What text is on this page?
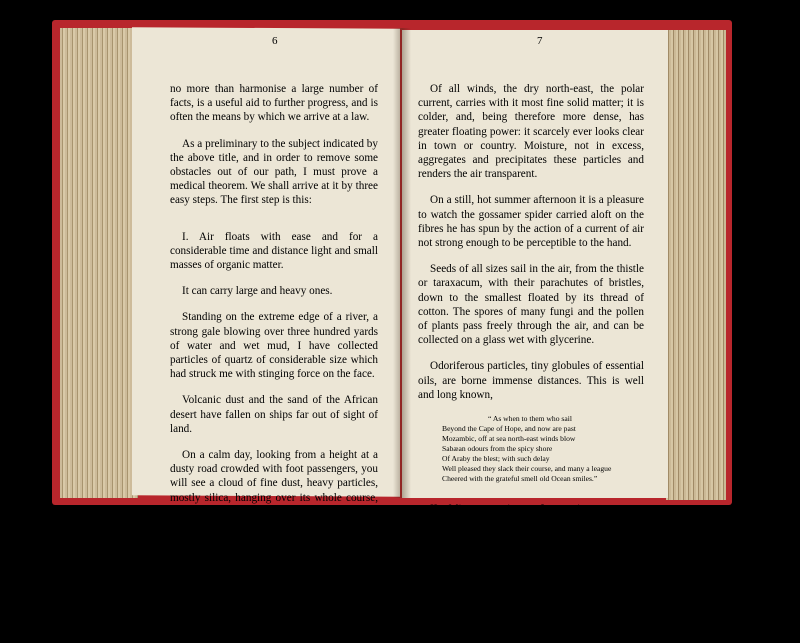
6	7

no more than harmonise a large number of facts, is a useful aid to further progress, and is often the means by which we arrive at a law.

As a preliminary to the subject indicated by the above title, and in order to remove some obstacles out of our path, I must prove a medical theorem. We shall arrive at it by three easy steps. The first step is this:

I. Air floats with ease and for a considerable time and distance light and small masses of organic matter.

It can carry large and heavy ones.

Standing on the extreme edge of a river, a strong gale blowing over three hundred yards of water and wet mud, I have collected particles of quartz of considerable size which had struck me with stinging force on the face.

Volcanic dust and the sand of the African desert have fallen on ships far out of sight of land.

On a calm day, looking from a height at a dusty road crowded with foot passengers, you will see a cloud of fine dust, heavy particles, mostly silica, hanging over its whole course, and still more so if there are horses and wheels. The dust on the grass and hedges near roads and footpaths tells the same tale.

From a hill-top, when there is a gentle breeze and the air is clear, observe the smoke of a village trailing miles away; it will not be doubted that the smoke consists of solid particles.

Of all winds, the dry north-east, the polar current, carries with it most fine solid matter; it is colder, and, being therefore more dense, has greater floating power: it scarcely ever looks clear in town or country. Moisture, not in excess, aggregates and precipitates these particles and renders the air transparent.

On a still, hot summer afternoon it is a pleasure to watch the gossamer spider carried aloft on the fibres he has spun by the action of a current of air not strong enough to be perceptible to the hand.

Seeds of all sizes sail in the air, from the thistle or taraxacum, with their parachutes of bristles, down to the smallest floated by its thread of cotton. The spores of many fungi and the pollen of plants pass freely through the air, and can be collected on a glass wet with glycerine.

Odoriferous particles, tiny globules of essential oils, are borne immense distances. This is well and long known,

“ As when to them who sail
Beyond the Cape of Hope, and now are past
Mozambic, off at sea north-east winds blow
Sabæan odours from the spicy shore
Of Araby the blest; with such delay
Well pleased they slack their course, and many a league
Cheered with the grateful smell old Ocean smiles.”

II. Minute portions of organic matter are constantly thrown off by animals and men. This is our second step.
